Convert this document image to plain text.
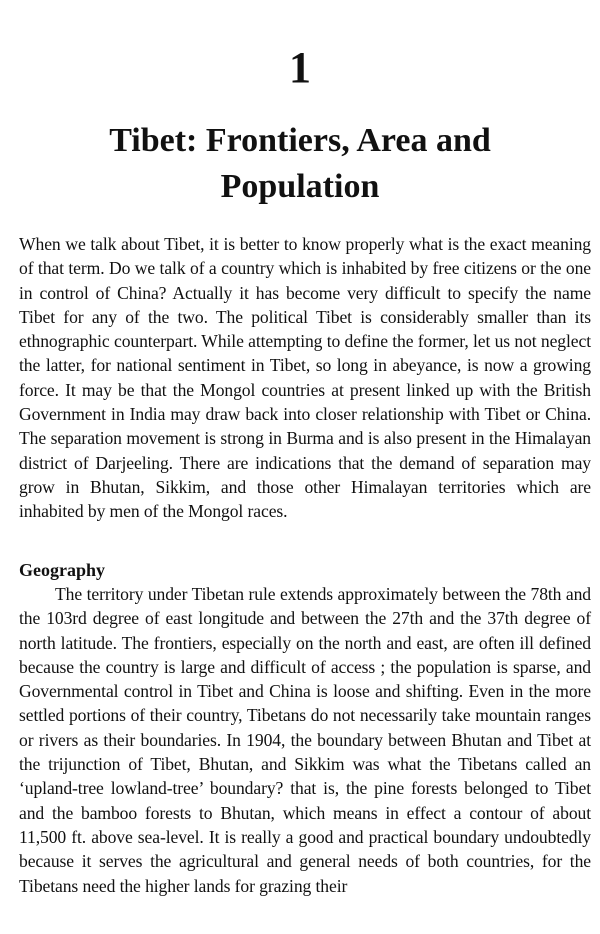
1
Tibet: Frontiers, Area and Population

When we talk about Tibet, it is better to know properly what is the exact meaning of that term. Do we talk of a country which is inhabited by free citizens or the one in control of China? Actually it has become very difficult to specify the name Tibet for any of the two. The political Tibet is considerably smaller than its ethnographic counterpart. While attempting to define the former, let us not neglect the latter, for national sentiment in Tibet, so long in abeyance, is now a growing force. It may be that the Mongol countries at present linked up with the British Government in India may draw back into closer relationship with Tibet or China. The separation movement is strong in Burma and is also present in the Himalayan district of Darjeeling. There are indications that the demand of separation may grow in Bhutan, Sikkim, and those other Himalayan territories which are inhabited by men of the Mongol races.

Geography

The territory under Tibetan rule extends approximately between the 78th and the 103rd degree of east longitude and between the 27th and the 37th degree of north latitude. The frontiers, especially on the north and east, are often ill defined because the country is large and difficult of access ; the population is sparse, and Governmental control in Tibet and China is loose and shifting. Even in the more settled portions of their country, Tibetans do not necessarily take mountain ranges or rivers as their boundaries. In 1904, the boundary between Bhutan and Tibet at the trijunction of Tibet, Bhutan, and Sikkim was what the Tibetans called an ‘upland-tree lowland-tree’ boundary? that is, the pine forests belonged to Tibet and the bamboo forests to Bhutan, which means in effect a contour of about 11,500 ft. above sea-level. It is really a good and practical boundary undoubtedly because it serves the agricultural and general needs of both countries, for the Tibetans need the higher lands for grazing their
